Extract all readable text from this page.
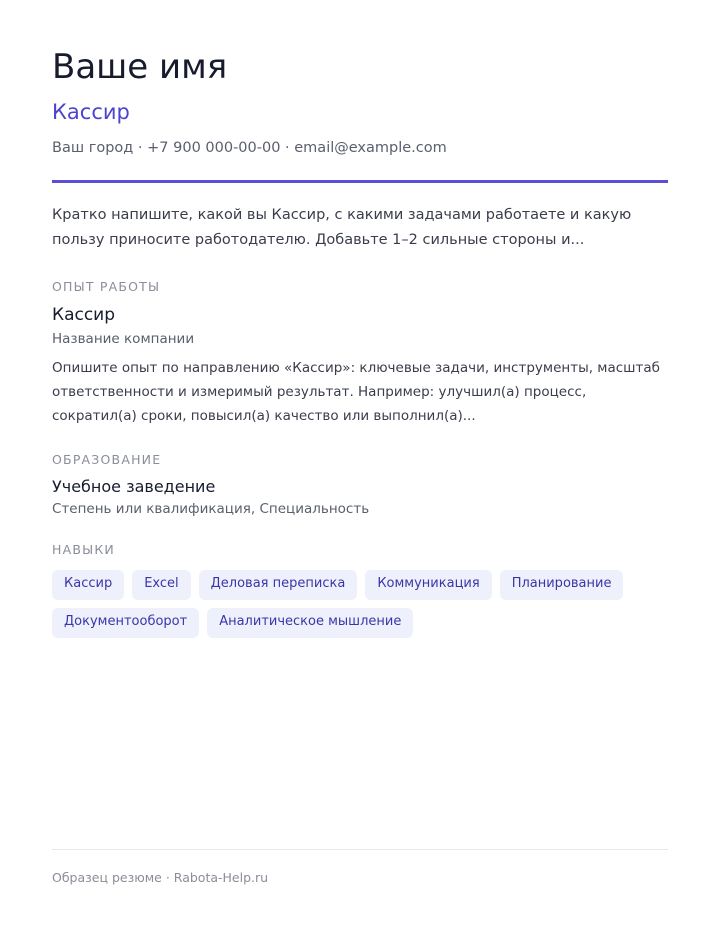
Ваше имя
Кассир
Ваш город · +7 900 000-00-00 · email@example.com

Кратко напишите, какой вы Кассир, с какими задачами работаете и какую пользу приносите работодателю. Добавьте 1–2 сильные стороны и...

ОПЫТ РАБОТЫ
Кассир
Название компании

Опишите опыт по направлению «Кассир»: ключевые задачи, инструменты, масштаб ответственности и измеримый результат. Например: улучшил(а) процесс, сократил(а) сроки, повысил(а) качество или выполнил(а)...

ОБРАЗОВАНИЕ
Учебное заведение
Степень или квалификация, Специальность
НАВЫКИ
Кассир	Excel	Деловая переписка	Коммуникация	Планирование
Документооборот	Аналитическое мышление
Образец резюме · Rabota-Help.ru
